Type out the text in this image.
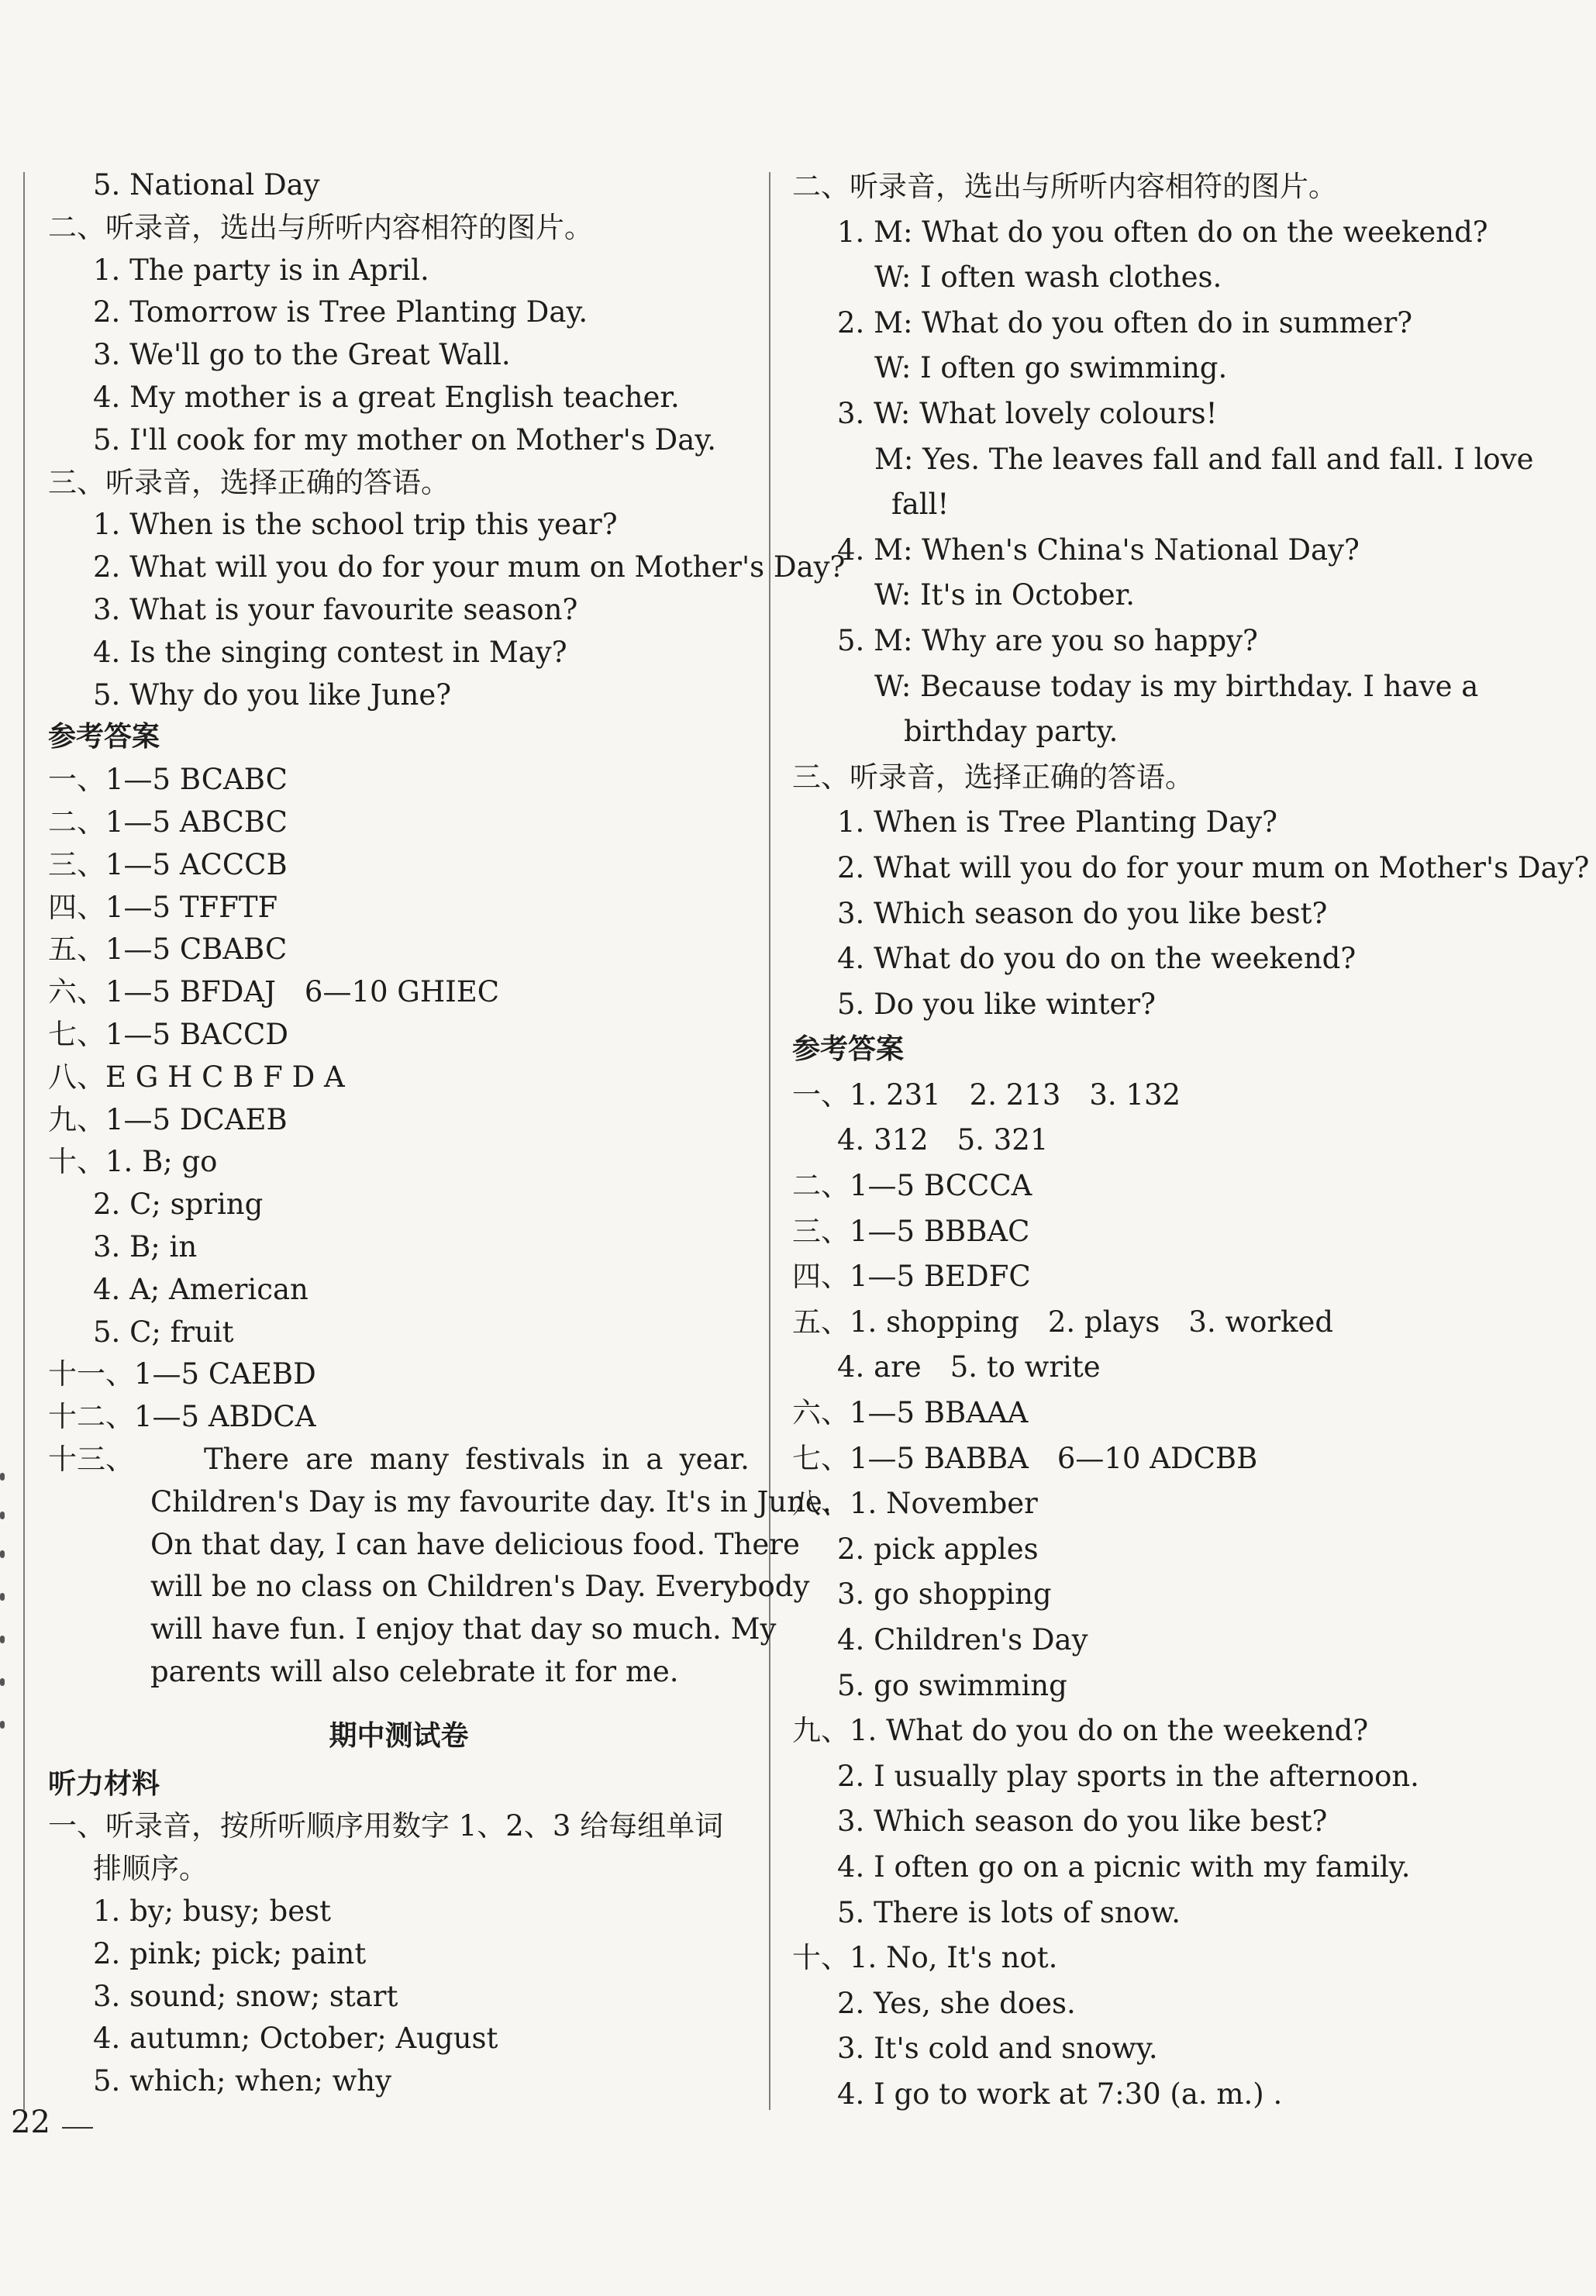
5. National Day
二、听录音，选出与所听内容相符的图片。
1. The party is in April.
2. Tomorrow is Tree Planting Day.
3. We'll go to the Great Wall.
4. My mother is a great English teacher.
5. I'll cook for my mother on Mother's Day.
三、听录音，选择正确的答语。
1. When is the school trip this year?
2. What will you do for your mum on Mother's Day?
3. What is your favourite season?
4. Is the singing contest in May?
5. Why do you like June?
参考答案
一、1—5 BCABC
二、1—5 ABCBC
三、1—5 ACCCB
四、1—5 TFFTF
五、1—5 CBABC
六、1—5 BFDAJ　6—10 GHIEC
七、1—5 BACCD
八、E G H C B F D A
九、1—5 DCAEB
十、1. B; go
2. C; spring
3. B; in
4. A; American
5. C; fruit
十一、1—5 CAEBD
十二、1—5 ABDCA
十三、 There are many festivals in a year.
Children's Day is my favourite day. It's in June.
On that day, I can have delicious food. There
will be no class on Children's Day. Everybody
will have fun. I enjoy that day so much. My
parents will also celebrate it for me.
期中测试卷
听力材料
一、听录音，按所听顺序用数字 1、2、3 给每组单词
排顺序。
1. by; busy; best
2. pink; pick; paint
3. sound; snow; start
4. autumn; October; August
5. which; when; why
二、听录音，选出与所听内容相符的图片。
1. M: What do you often do on the weekend?
W: I often wash clothes.
2. M: What do you often do in summer?
W: I often go swimming.
3. W: What lovely colours!
M: Yes. The leaves fall and fall and fall. I love
fall!
4. M: When's China's National Day?
W: It's in October.
5. M: Why are you so happy?
W: Because today is my birthday. I have a
birthday party.
三、听录音，选择正确的答语。
1. When is Tree Planting Day?
2. What will you do for your mum on Mother's Day?
3. Which season do you like best?
4. What do you do on the weekend?
5. Do you like winter?
参考答案
一、1. 231　2. 213　3. 132
4. 312　5. 321
二、1—5 BCCCA
三、1—5 BBBAC
四、1—5 BEDFC
五、1. shopping　2. plays　3. worked
4. are　5. to write
六、1—5 BBAAA
七、1—5 BABBA　6—10 ADCBB
八、1. November
2. pick apples
3. go shopping
4. Children's Day
5. go swimming
九、1. What do you do on the weekend?
2. I usually play sports in the afternoon.
3. Which season do you like best?
4. I often go on a picnic with my family.
5. There is lots of snow.
十、1. No, It's not.
2. Yes, she does.
3. It's cold and snowy.
4. I go to work at 7:30 (a. m.) .
22
